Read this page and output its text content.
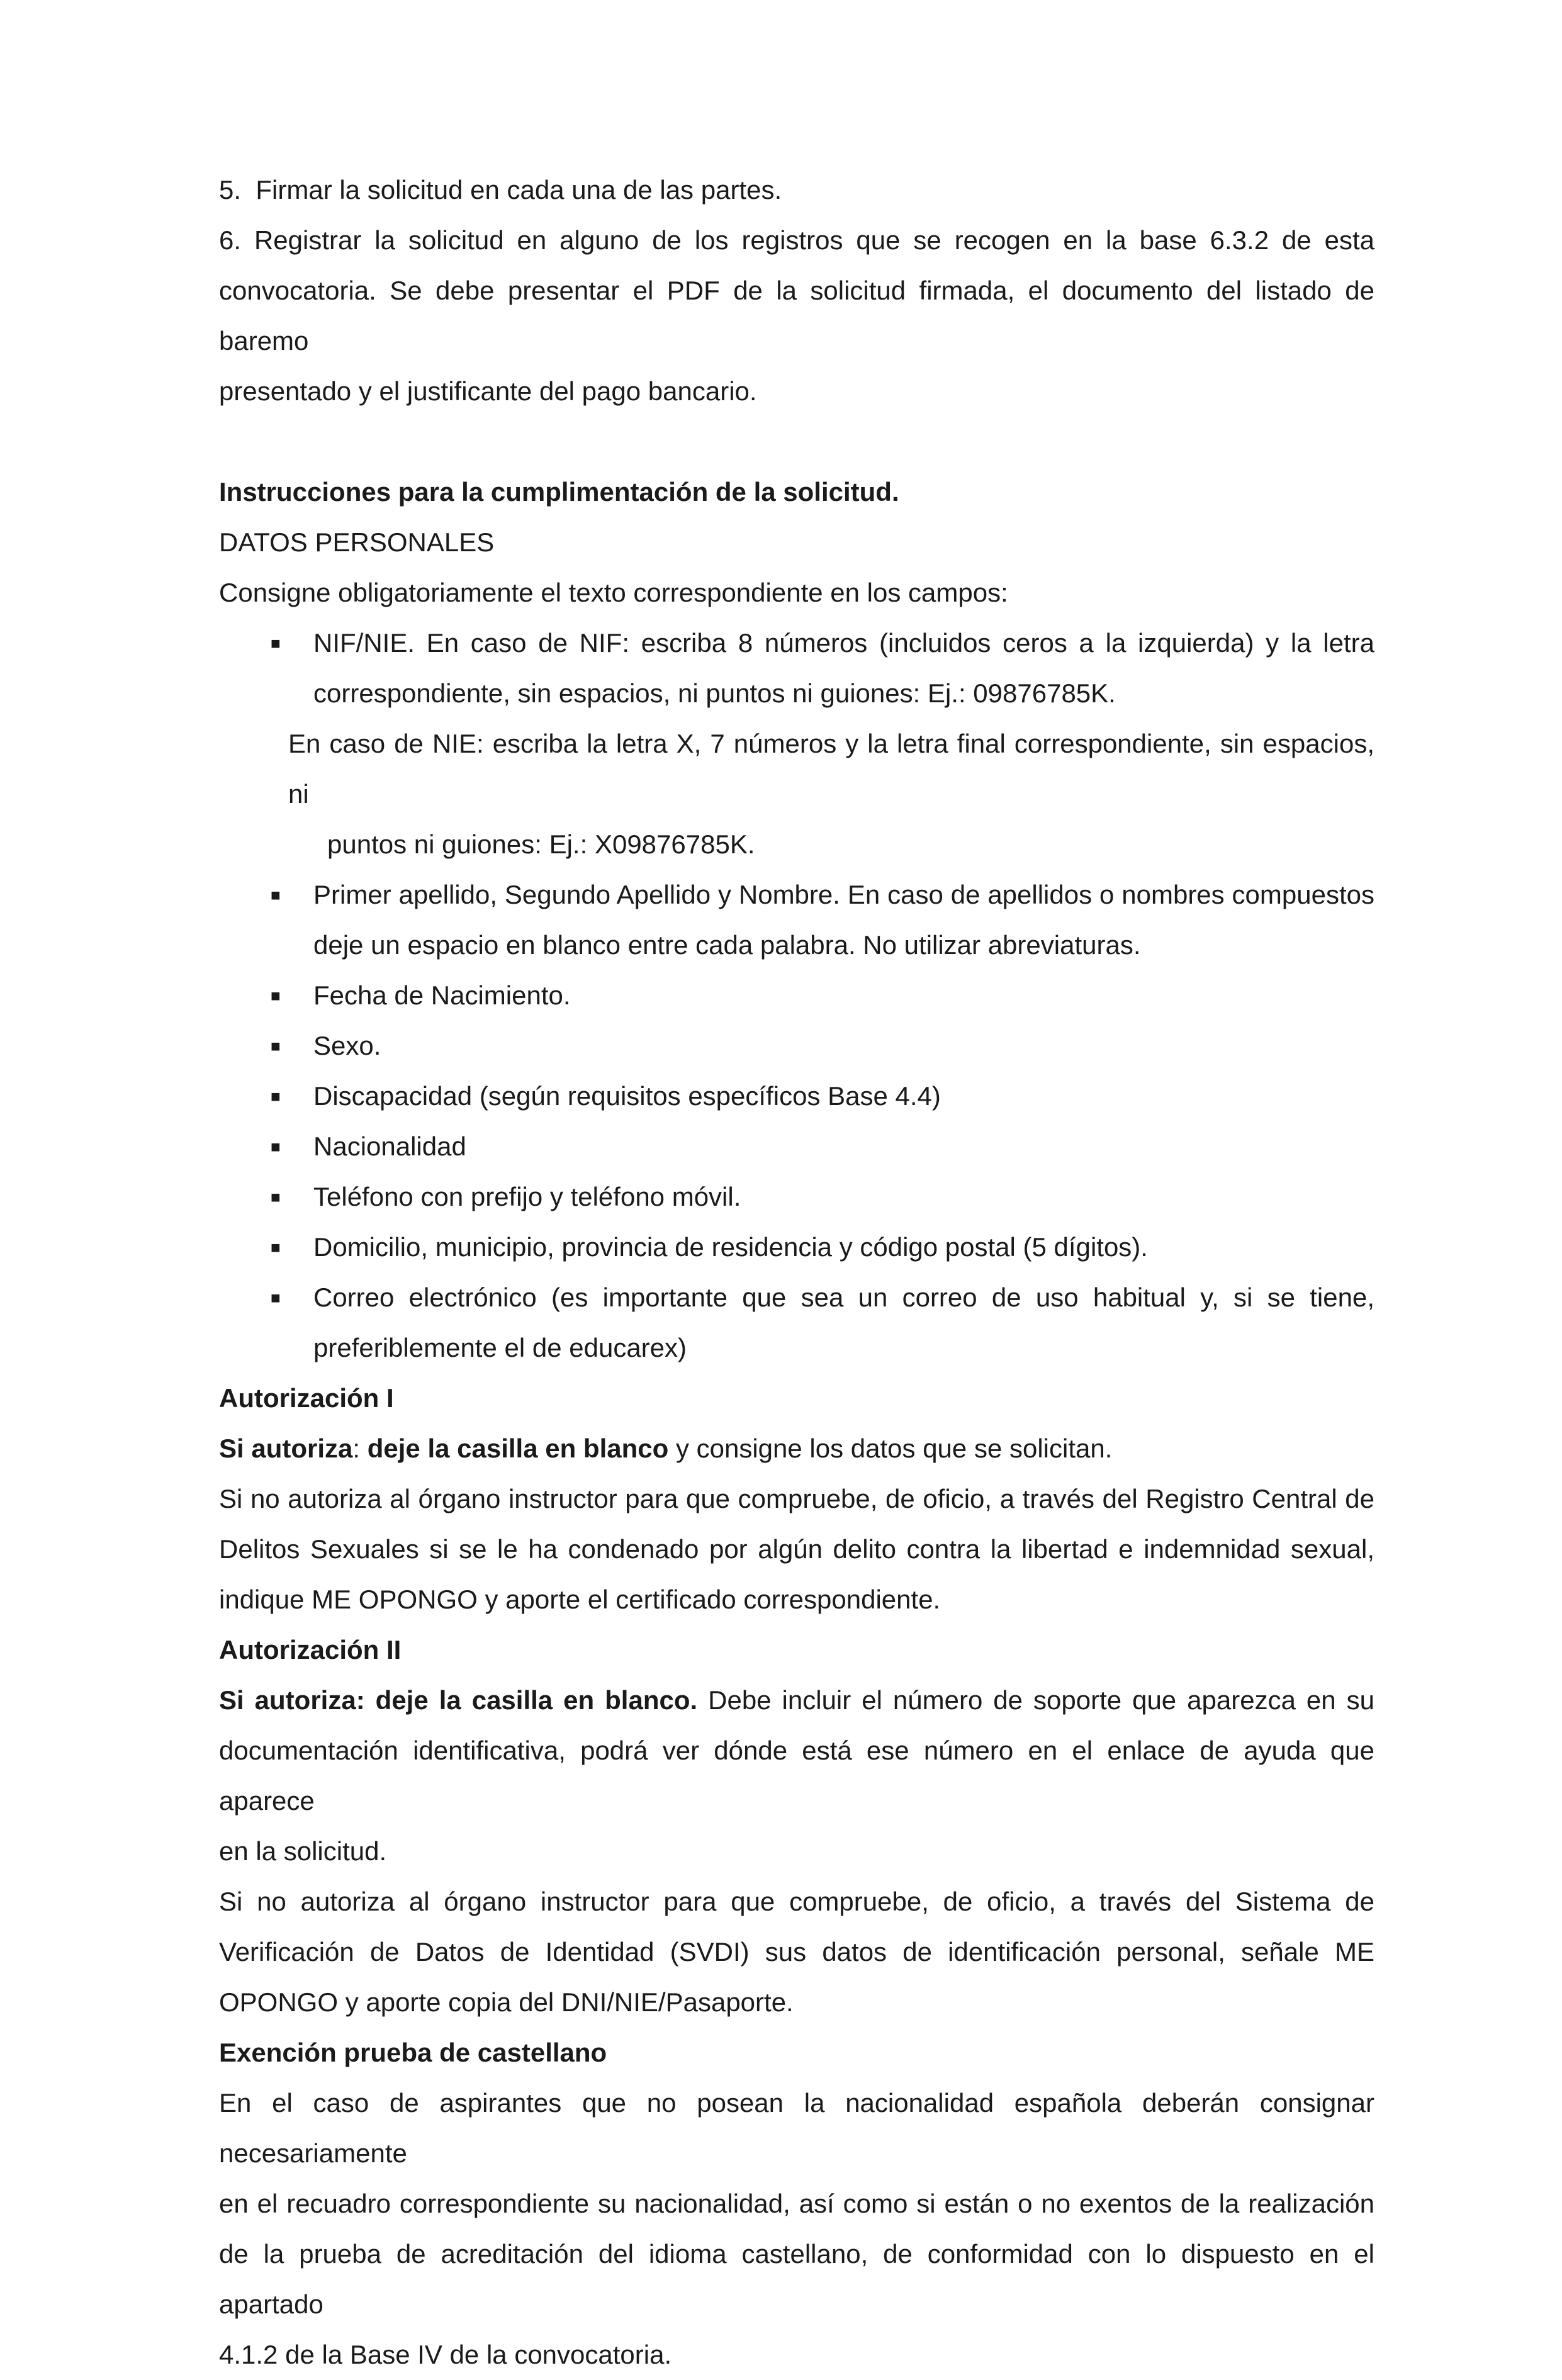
5. Firmar la solicitud en cada una de las partes.
6. Registrar la solicitud en alguno de los registros que se recogen en la base 6.3.2 de esta
convocatoria. Se debe presentar el PDF de la solicitud firmada, el documento del listado de baremo
presentado y el justificante del pago bancario.
Instrucciones para la cumplimentación de la solicitud.
DATOS PERSONALES
Consigne obligatoriamente el texto correspondiente en los campos:
■ NIF/NIE. En caso de NIF: escriba 8 números (incluidos ceros a la izquierda) y la letra
correspondiente, sin espacios, ni puntos ni guiones: Ej.: 09876785K.
En caso de NIE: escriba la letra X, 7 números y la letra final correspondiente, sin espacios, ni
puntos ni guiones: Ej.: X09876785K.
■ Primer apellido, Segundo Apellido y Nombre. En caso de apellidos o nombres compuestos
deje un espacio en blanco entre cada palabra. No utilizar abreviaturas.
■ Fecha de Nacimiento.
■ Sexo.
■ Discapacidad (según requisitos específicos Base 4.4)
■ Nacionalidad
■ Teléfono con prefijo y teléfono móvil.
■ Domicilio, municipio, provincia de residencia y código postal (5 dígitos).
■ Correo electrónico (es importante que sea un correo de uso habitual y, si se tiene,
preferiblemente el de educarex)
Autorización I
Si autoriza: deje la casilla en blanco y consigne los datos que se solicitan.
Si no autoriza al órgano instructor para que compruebe, de oficio, a través del Registro Central de
Delitos Sexuales si se le ha condenado por algún delito contra la libertad e indemnidad sexual,
indique ME OPONGO y aporte el certificado correspondiente.
Autorización II
Si autoriza: deje la casilla en blanco. Debe incluir el número de soporte que aparezca en su
documentación identificativa, podrá ver dónde está ese número en el enlace de ayuda que aparece
en la solicitud.
Si no autoriza al órgano instructor para que compruebe, de oficio, a través del Sistema de
Verificación de Datos de Identidad (SVDI) sus datos de identificación personal, señale ME
OPONGO y aporte copia del DNI/NIE/Pasaporte.
Exención prueba de castellano
En el caso de aspirantes que no posean la nacionalidad española deberán consignar necesariamente
en el recuadro correspondiente su nacionalidad, así como si están o no exentos de la realización
de la prueba de acreditación del idioma castellano, de conformidad con lo dispuesto en el apartado
4.1.2 de la Base IV de la convocatoria.
